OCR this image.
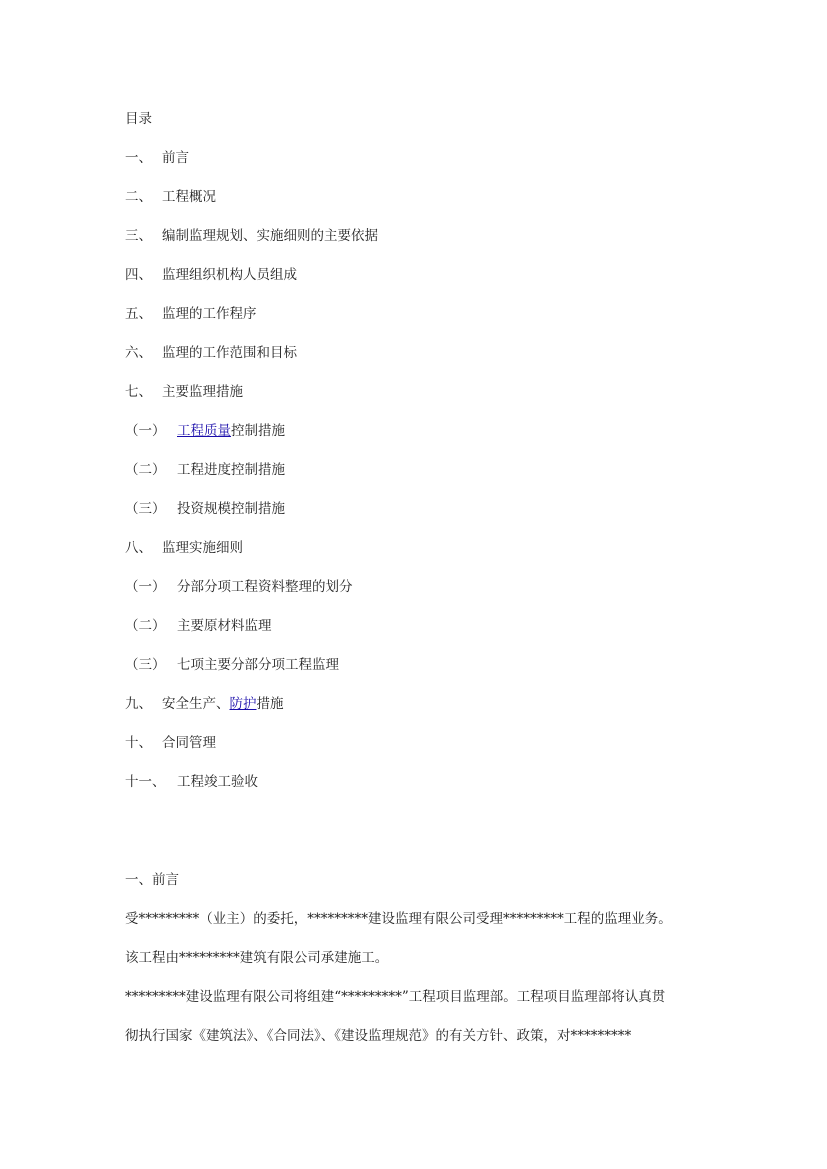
目录
一、 前言
二、 工程概况
三、 编制监理规划、实施细则的主要依据
四、 监理组织机构人员组成
五、 监理的工作程序
六、 监理的工作范围和目标
七、 主要监理措施
（一） 工程质量控制措施
（二） 工程进度控制措施
（三） 投资规模控制措施
八、 监理实施细则
（一） 分部分项工程资料整理的划分
（二） 主要原材料监理
（三） 七项主要分部分项工程监理
九、 安全生产、防护措施
十、 合同管理
十一、 工程竣工验收
一、前言
受*********（业主）的委托，*********建设监理有限公司受理*********工程的监理业务。
该工程由*********建筑有限公司承建施工。
*********建设监理有限公司将组建“*********”工程项目监理部。工程项目监理部将认真贯
彻执行国家《建筑法》、《合同法》、《建设监理规范》的有关方针、政策，对*********
